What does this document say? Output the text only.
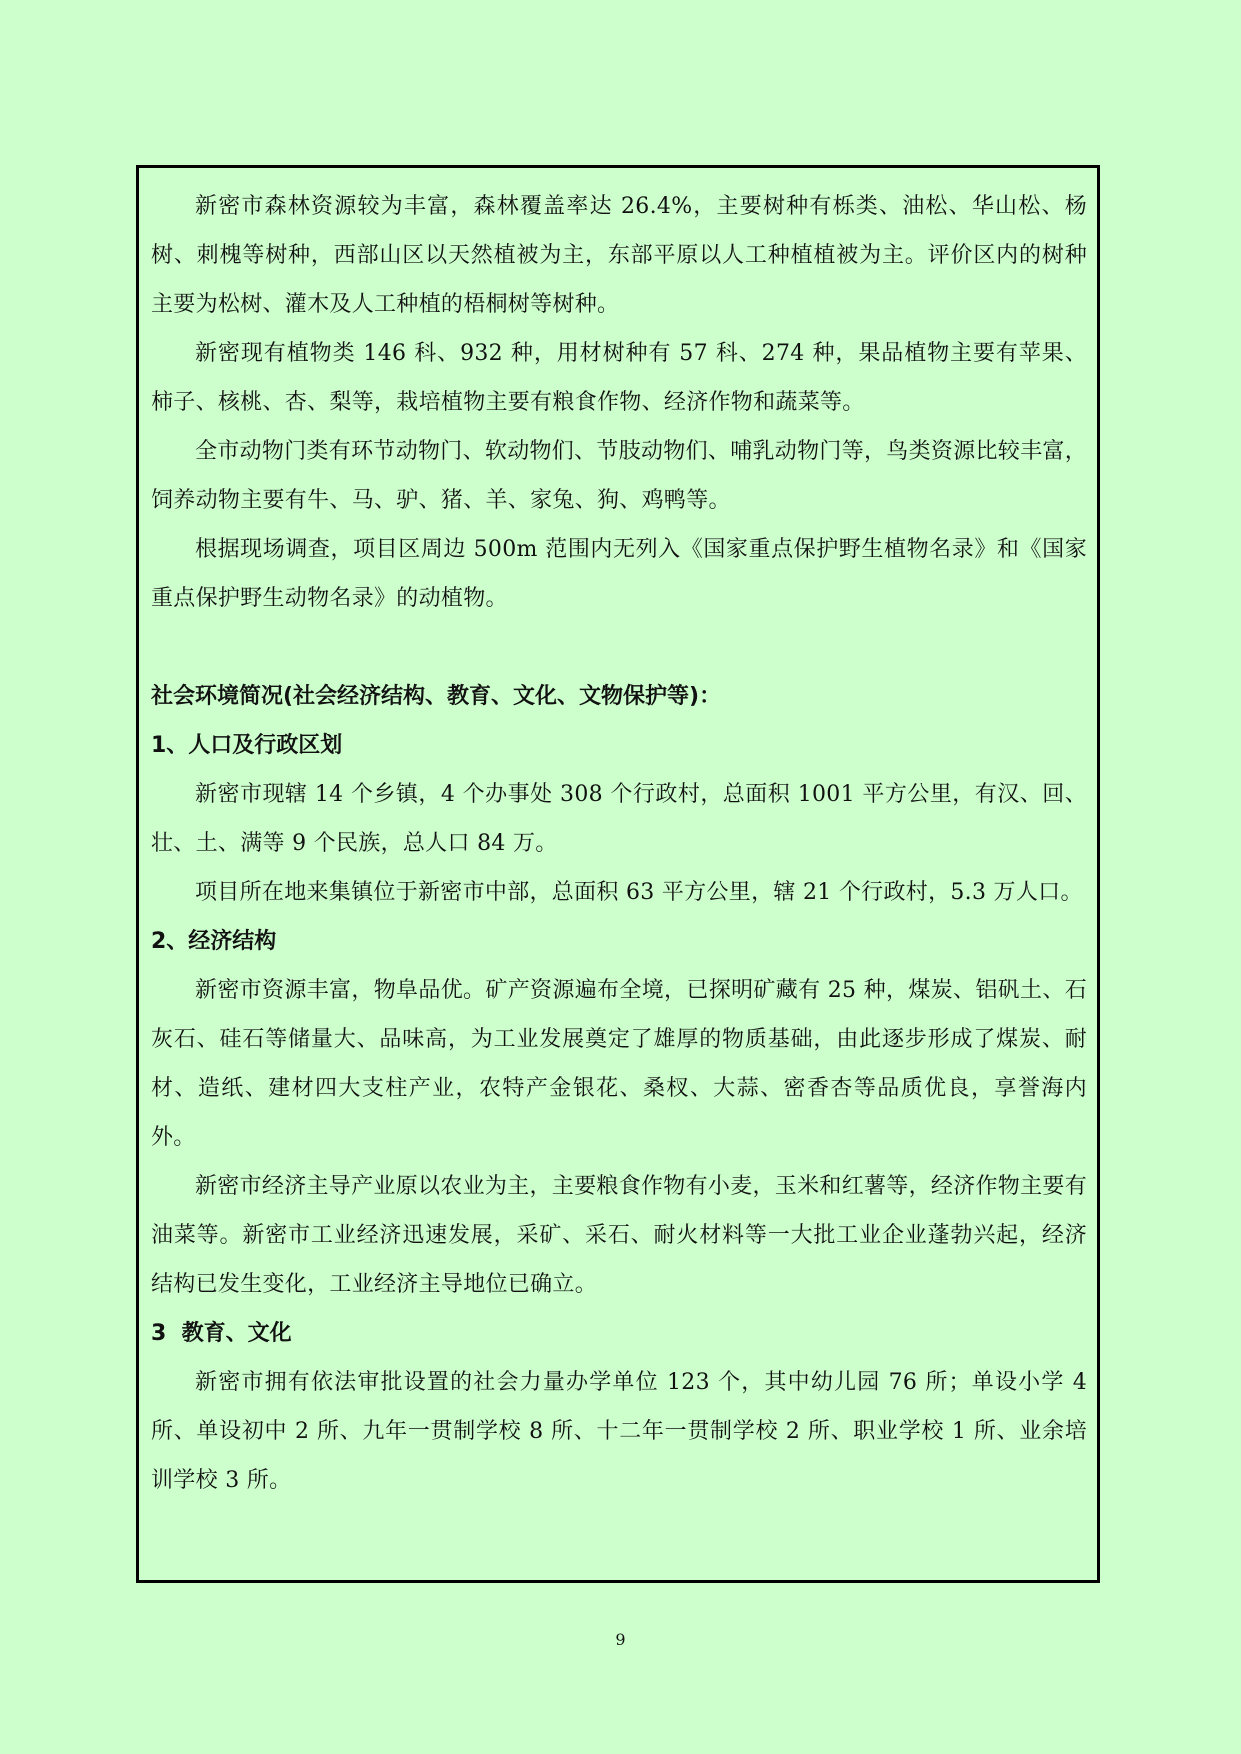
新密市森林资源较为丰富，森林覆盖率达 26.4%，主要树种有栎类、油松、华山松、杨树、刺槐等树种，西部山区以天然植被为主，东部平原以人工种植植被为主。评价区内的树种主要为松树、灌木及人工种植的梧桐树等树种。

新密现有植物类 146 科、932 种，用材树种有 57 科、274 种，果品植物主要有苹果、柿子、核桃、杏、梨等，栽培植物主要有粮食作物、经济作物和蔬菜等。

全市动物门类有环节动物门、软动物们、节肢动物们、哺乳动物门等，鸟类资源比较丰富，饲养动物主要有牛、马、驴、猪、羊、家兔、狗、鸡鸭等。

根据现场调查，项目区周边 500m 范围内无列入《国家重点保护野生植物名录》和《国家重点保护野生动物名录》的动植物。

社会环境简况(社会经济结构、教育、文化、文物保护等)：

1、人口及行政区划

新密市现辖 14 个乡镇，4 个办事处 308 个行政村，总面积 1001 平方公里，有汉、回、壮、土、满等 9 个民族，总人口 84 万。

项目所在地来集镇位于新密市中部，总面积 63 平方公里，辖 21 个行政村，5.3 万人口。

2、经济结构

新密市资源丰富，物阜品优。矿产资源遍布全境，已探明矿藏有 25 种，煤炭、铝矾土、石灰石、硅石等储量大、品味高，为工业发展奠定了雄厚的物质基础，由此逐步形成了煤炭、耐材、造纸、建材四大支柱产业，农特产金银花、桑杈、大蒜、密香杏等品质优良，享誉海内外。

新密市经济主导产业原以农业为主，主要粮食作物有小麦，玉米和红薯等，经济作物主要有油菜等。新密市工业经济迅速发展，采矿、采石、耐火材料等一大批工业企业蓬勃兴起，经济结构已发生变化，工业经济主导地位已确立。

3  教育、文化

新密市拥有依法审批设置的社会力量办学单位 123 个，其中幼儿园 76 所；单设小学 4 所、单设初中 2 所、九年一贯制学校 8 所、十二年一贯制学校 2 所、职业学校 1 所、业余培训学校 3 所。

9
